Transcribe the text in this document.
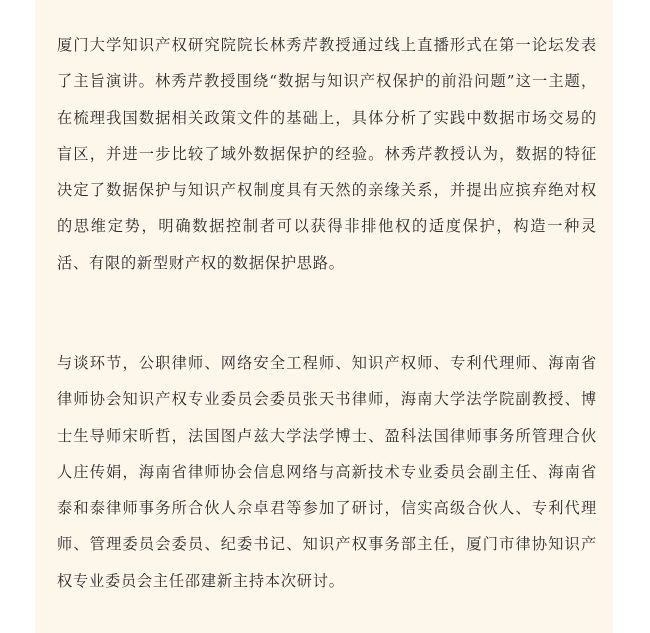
厦门大学知识产权研究院院长林秀芹教授通过线上直播形式在第一论坛发表了主旨演讲。林秀芹教授围绕“数据与知识产权保护的前沿问题”这一主题，在梳理我国数据相关政策文件的基础上，具体分析了实践中数据市场交易的盲区，并进一步比较了域外数据保护的经验。林秀芹教授认为，数据的特征决定了数据保护与知识产权制度具有天然的亲缘关系，并提出应摈弃绝对权的思维定势，明确数据控制者可以获得非排他权的适度保护，构造一种灵活、有限的新型财产权的数据保护思路。

与谈环节，公职律师、网络安全工程师、知识产权师、专利代理师、海南省律师协会知识产权专业委员会委员张天书律师，海南大学法学院副教授、博士生导师宋昕哲，法国图卢兹大学法学博士、盈科法国律师事务所管理合伙人庄传娟，海南省律师协会信息网络与高新技术专业委员会副主任、海南省泰和泰律师事务所合伙人佘卓君等参加了研讨，信实高级合伙人、专利代理师、管理委员会委员、纪委书记、知识产权事务部主任，厦门市律协知识产权专业委员会主任邵建新主持本次研讨。
